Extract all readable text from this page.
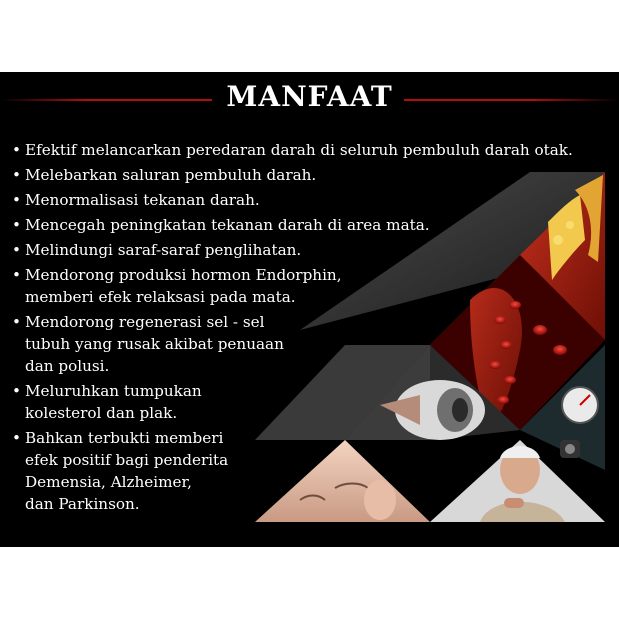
MANFAAT
• Efektif melancarkan peredaran darah di seluruh pembuluh darah otak.
• Melebarkan saluran pembuluh darah.
• Menormalisasi tekanan darah.
• Mencegah peningkatan tekanan darah di area mata.
• Melindungi saraf-saraf penglihatan.
• Mendorong produksi hormon Endorphin,
memberi efek relaksasi pada mata.
• Mendorong regenerasi sel - sel
tubuh yang rusak akibat penuaan
dan polusi.
• Meluruhkan tumpukan
kolesterol dan plak.
• Bahkan terbukti memberi
efek positif bagi penderita
Demensia, Alzheimer,
dan Parkinson.
